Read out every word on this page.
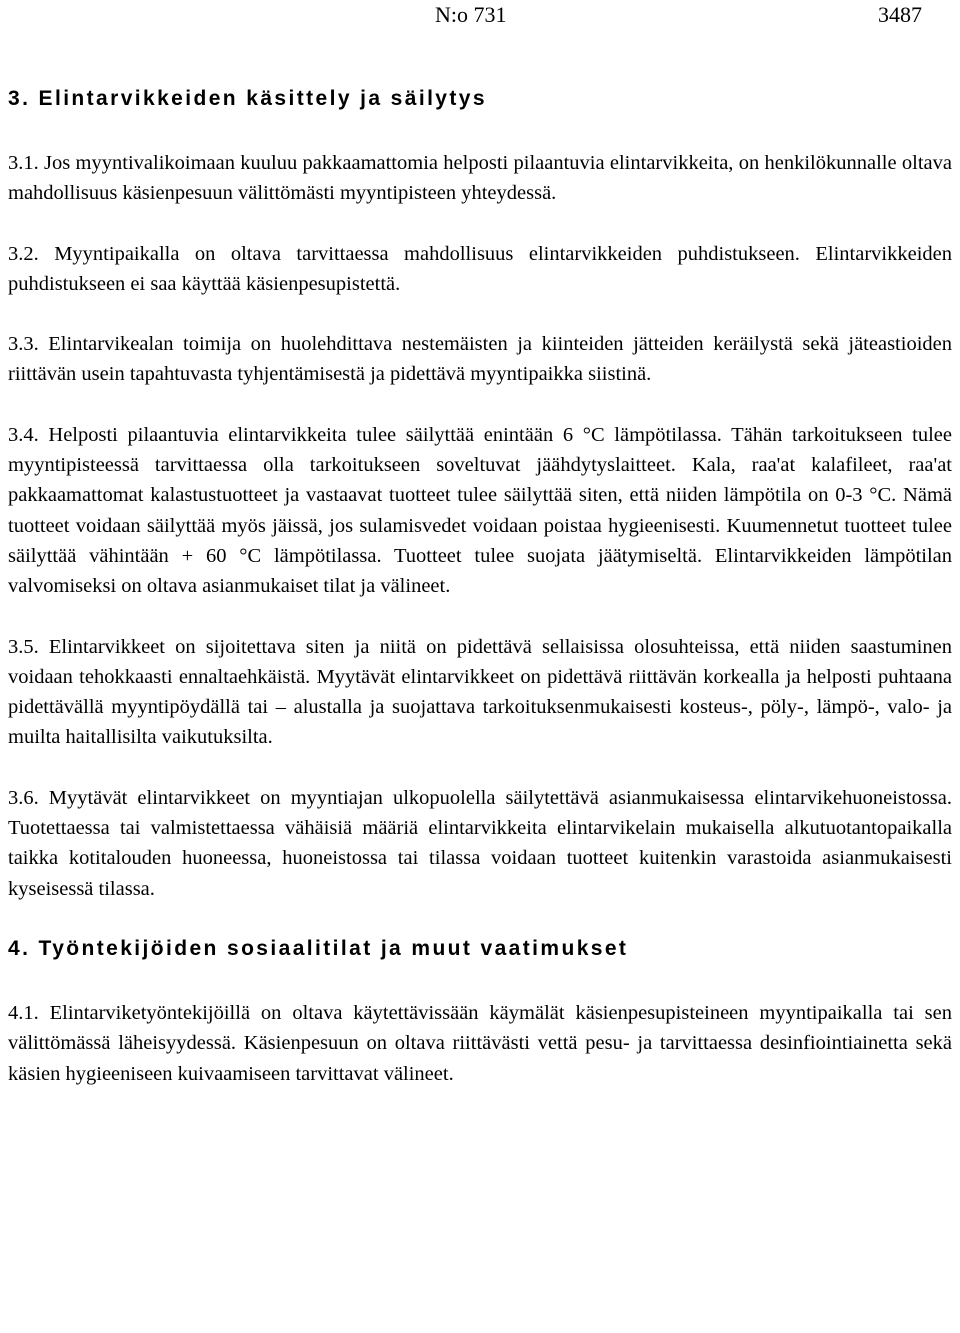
N:o 731	3487
3. Elintarvikkeiden käsittely ja säilytys

3.1. Jos myyntivalikoimaan kuuluu pakkaamattomia helposti pilaantuvia elintarvikkeita, on henkilökunnalle oltava mahdollisuus käsienpesuun välittömästi myyntipisteen yhteydessä.

3.2. Myyntipaikalla on oltava tarvittaessa mahdollisuus elintarvikkeiden puhdistukseen. Elintarvikkeiden puhdistukseen ei saa käyttää käsienpesupistettä.

3.3. Elintarvikealan toimija on huolehdittava nestemäisten ja kiinteiden jätteiden keräilystä sekä jäteastioiden riittävän usein tapahtuvasta tyhjentämisestä ja pidettävä myyntipaikka siistinä.

3.4. Helposti pilaantuvia elintarvikkeita tulee säilyttää enintään 6 °C lämpötilassa. Tähän tarkoitukseen tulee myyntipisteessä tarvittaessa olla tarkoitukseen soveltuvat jäähdytyslaitteet. Kala, raa'at kalafileet, raa'at pakkaamattomat kalastustuotteet ja vastaavat tuotteet tulee säilyttää siten, että niiden lämpötila on 0-3 °C. Nämä tuotteet voidaan säilyttää myös jäissä, jos sulamisvedet voidaan poistaa hygieenisesti. Kuumennetut tuotteet tulee säilyttää vähintään + 60 °C lämpötilassa. Tuotteet tulee suojata jäätymiseltä. Elintarvikkeiden lämpötilan valvomiseksi on oltava asianmukaiset tilat ja välineet.

3.5. Elintarvikkeet on sijoitettava siten ja niitä on pidettävä sellaisissa olosuhteissa, että niiden saastuminen voidaan tehokkaasti ennaltaehkäistä. Myytävät elintarvikkeet on pidettävä riittävän korkealla ja helposti puhtaana pidettävällä myyntipöydällä tai – alustalla ja suojattava tarkoituksenmukaisesti kosteus-, pöly-, lämpö-, valo- ja muilta haitallisilta vaikutuksilta.

3.6. Myytävät elintarvikkeet on myyntiajan ulkopuolella säilytettävä asianmukaisessa elintarvikehuoneistossa. Tuotettaessa tai valmistettaessa vähäisiä määriä elintarvikkeita elintarvikelain mukaisella alkutuotantopaikalla taikka kotitalouden huoneessa, huoneistossa tai tilassa voidaan tuotteet kuitenkin varastoida asianmukaisesti kyseisessä tilassa.

4. Työntekijöiden sosiaalitilat ja muut vaatimukset

4.1. Elintarviketyöntekijöillä on oltava käytettävissään käymälät käsienpesupisteineen myyntipaikalla tai sen välittömässä läheisyydessä. Käsienpesuun on oltava riittävästi vettä pesu- ja tarvittaessa desinfiointiainetta sekä käsien hygieeniseen kuivaamiseen tarvittavat välineet.
